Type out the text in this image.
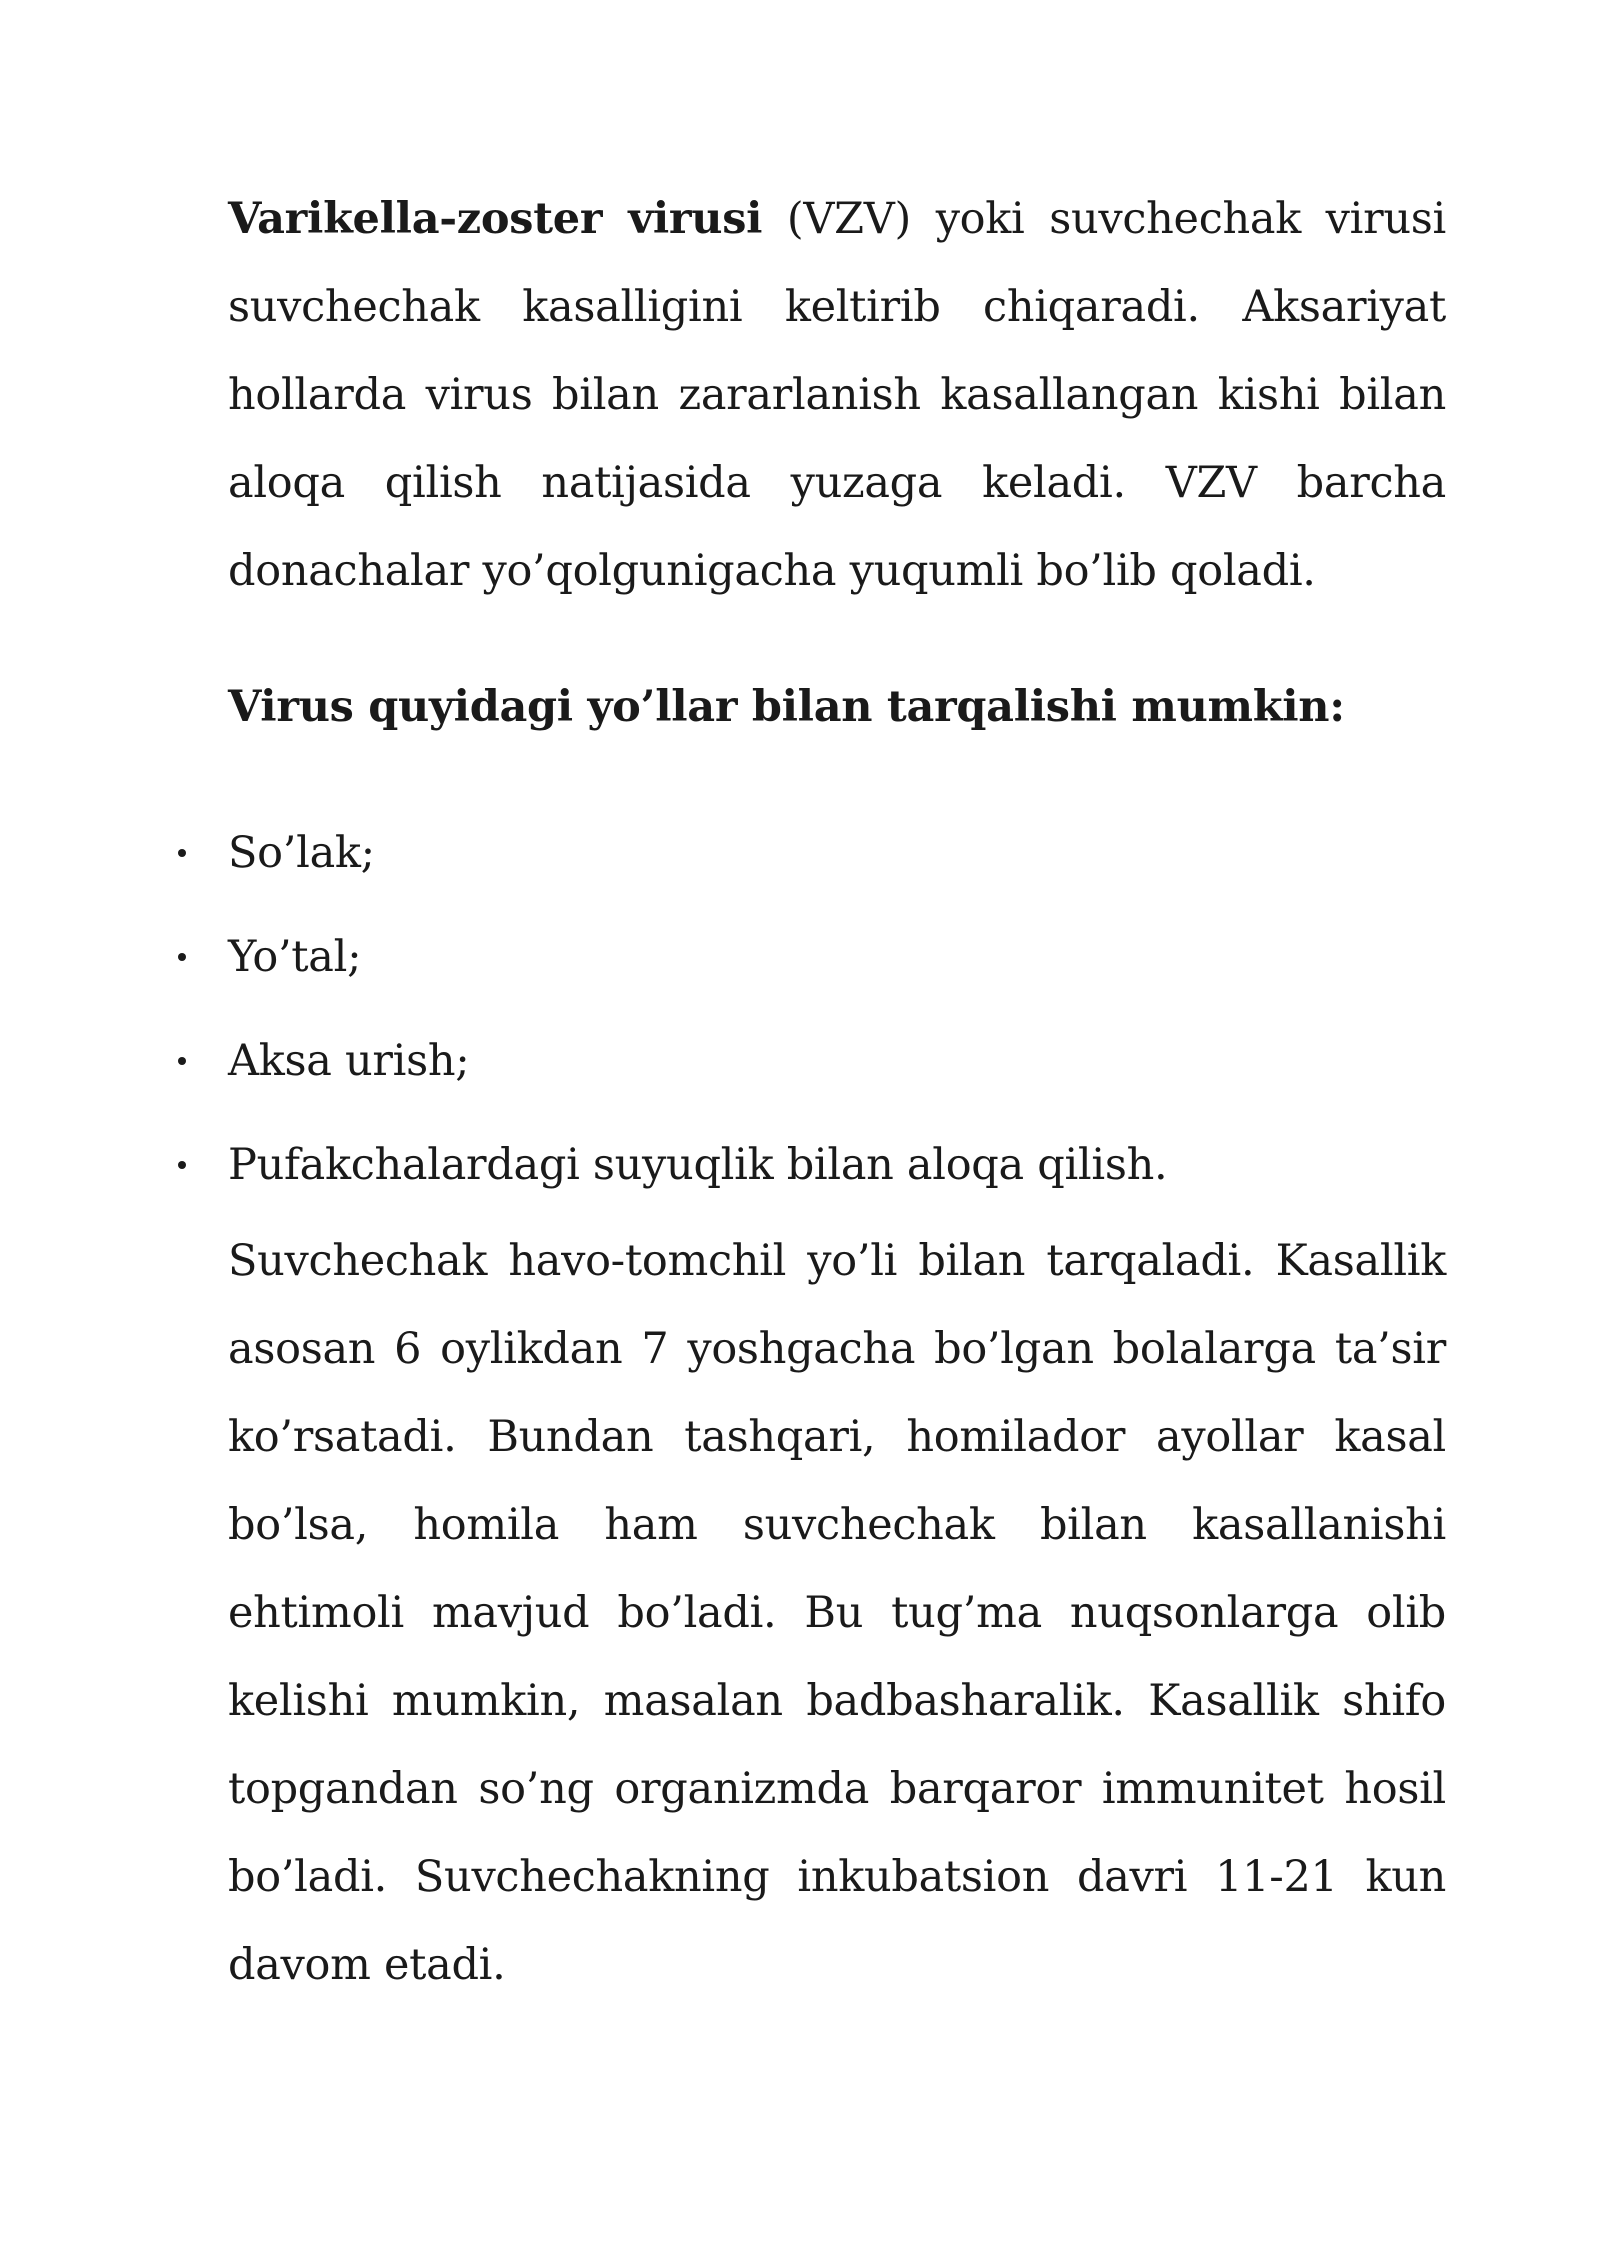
Varikella-zoster virusi (VZV) yoki suvchechak virusi suvchechak kasalligini keltirib chiqaradi. Aksariyat hollarda virus bilan zararlanish kasallangan kishi bilan aloqa qilish natijasida yuzaga keladi. VZV barcha donachalar yo’qolgunigacha yuqumli bo’lib qoladi.

Virus quyidagi yo’llar bilan tarqalishi mumkin:
So’lak;
Yo’tal;
Aksa urish;
Pufakchalardagi suyuqlik bilan aloqa qilish.

Suvchechak havo-tomchil yo’li bilan tarqaladi. Kasallik asosan 6 oylikdan 7 yoshgacha bo’lgan bolalarga ta’sir ko’rsatadi. Bundan tashqari, homilador ayollar kasal bo’lsa, homila ham suvchechak bilan kasallanishi ehtimoli mavjud bo’ladi. Bu tug’ma nuqsonlarga olib kelishi mumkin, masalan badbasharalik. Kasallik shifo topgandan so’ng organizmda barqaror immunitet hosil bo’ladi. Suvchechakning inkubatsion davri 11-21 kun davom etadi.
